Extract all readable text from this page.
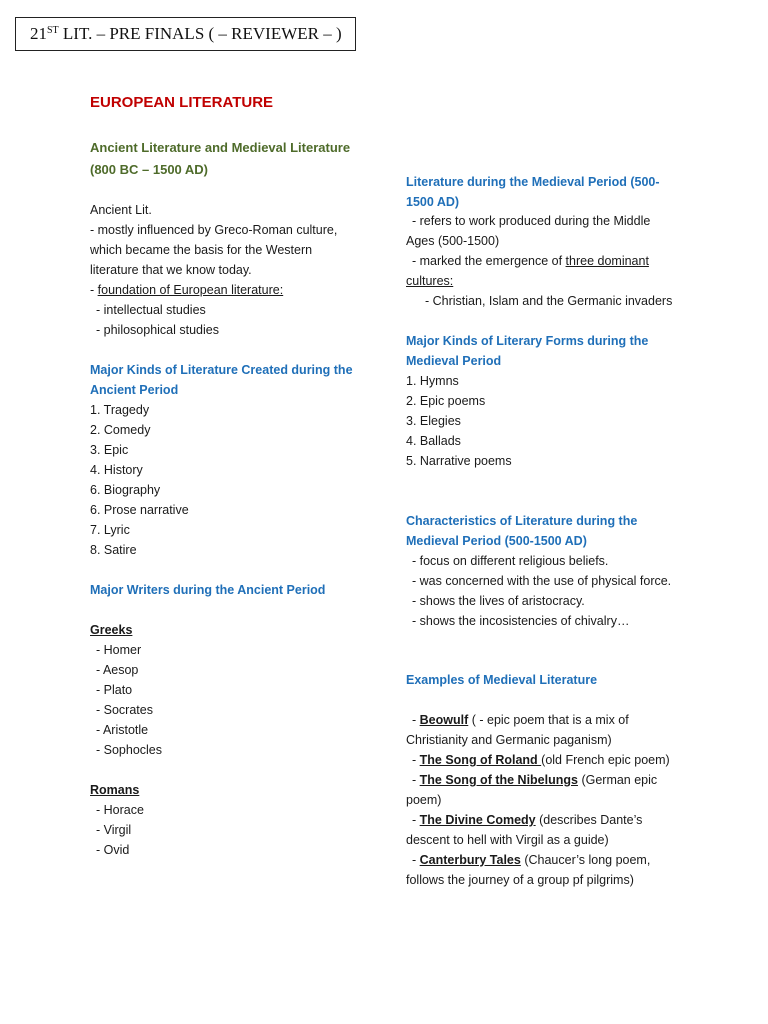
21ST LIT. – PRE FINALS ( – REVIEWER – )
EUROPEAN LITERATURE
Ancient Literature and Medieval Literature
(800 BC – 1500 AD)
Ancient Lit.
- mostly influenced by Greco-Roman culture,
which became the basis for the Western
literature that we know today.
- foundation of European literature:
- intellectual studies
- philosophical studies
Major Kinds of Literature Created during the
Ancient Period
1. Tragedy
2. Comedy
3. Epic
4. History
6. Biography
6. Prose narrative
7. Lyric
8. Satire
Major Writers during the Ancient Period
Greeks
- Homer
- Aesop
- Plato
- Socrates
- Aristotle
- Sophocles
Romans
- Horace
- Virgil
- Ovid
Literature during the Medieval Period (500-
1500 AD)
- refers to work produced during the Middle
Ages (500-1500)
- marked the emergence of three dominant
cultures:
- Christian, Islam and the Germanic invaders
Major Kinds of Literary Forms during the
Medieval Period
1. Hymns
2. Epic poems
3. Elegies
4. Ballads
5. Narrative poems
Characteristics of Literature during the
Medieval Period (500-1500 AD)
- focus on different religious beliefs.
- was concerned with the use of physical force.
- shows the lives of aristocracy.
- shows the incosistencies of chivalry…
Examples of Medieval Literature
- Beowulf ( - epic poem that is a mix of
Christianity and Germanic paganism)
- The Song of Roland (old French epic poem)
- The Song of the Nibelungs (German epic
poem)
- The Divine Comedy (describes Dante’s
descent to hell with Virgil as a guide)
- Canterbury Tales (Chaucer’s long poem,
follows the journey of a group pf pilgrims)
